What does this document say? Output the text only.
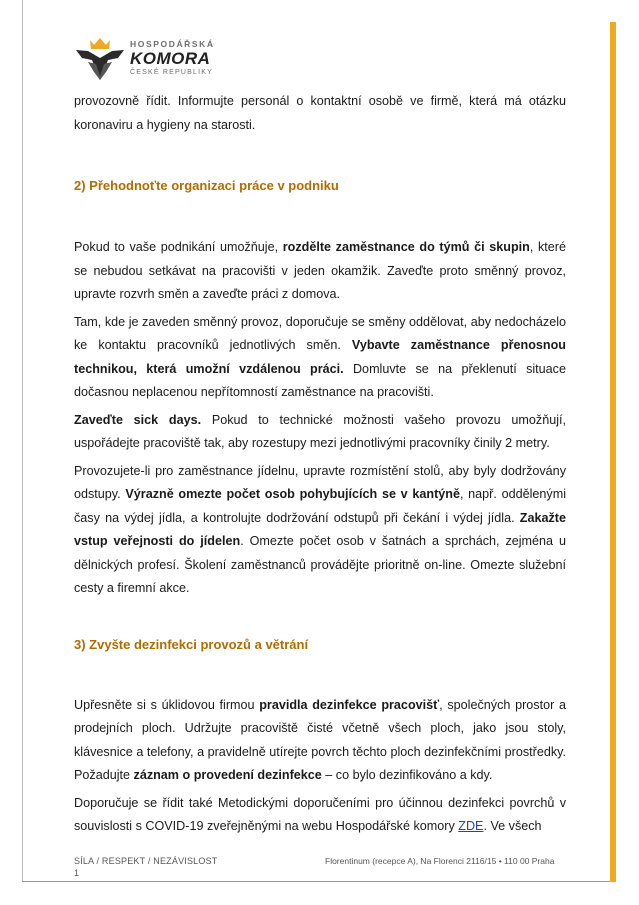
HOSPODÁŘSKÁ
KOMORA
ČESKÉ REPUBLIKY

provozovně řídit. Informujte personál o kontaktní osobě ve firmě, která má otázku koronaviru a hygieny na starosti.

2) Přehodnoťte organizaci práce v podniku

Pokud to vaše podnikání umožňuje, rozdělte zaměstnance do týmů či skupin, které se nebudou setkávat na pracovišti v jeden okamžik. Zaveďte proto směnný provoz, upravte rozvrh směn a zaveďte práci z domova.

Tam, kde je zaveden směnný provoz, doporučuje se směny oddělovat, aby nedocházelo ke kontaktu pracovníků jednotlivých směn. Vybavte zaměstnance přenosnou technikou, která umožní vzdálenou práci. Domluvte se na překlenutí situace dočasnou neplacenou nepřítomností zaměstnance na pracovišti.

Zaveďte sick days. Pokud to technické možnosti vašeho provozu umožňují, uspořádejte pracoviště tak, aby rozestupy mezi jednotlivými pracovníky činily 2 metry.

Provozujete-li pro zaměstnance jídelnu, upravte rozmístění stolů, aby byly dodržovány odstupy. Výrazně omezte počet osob pohybujících se v kantýně, např. oddělenými časy na výdej jídla, a kontrolujte dodržování odstupů při čekání i výdej jídla. Zakažte vstup veřejnosti do jídelen. Omezte počet osob v šatnách a sprchách, zejména u dělnických profesí. Školení zaměstnanců provádějte prioritně on-line. Omezte služební cesty a firemní akce.

3) Zvyšte dezinfekci provozů a větrání

Upřesněte si s úklidovou firmou pravidla dezinfekce pracovišť, společných prostor a prodejních ploch. Udržujte pracoviště čisté včetně všech ploch, jako jsou stoly, klávesnice a telefony, a pravidelně utírejte povrch těchto ploch dezinfekčními prostředky. Požadujte záznam o provedení dezinfekce – co bylo dezinfikováno a kdy.

Doporučuje se řídit také Metodickými doporučeními pro účinnou dezinfekci povrchů v souvislosti s COVID-19 zveřejněnými na webu Hospodářské komory ZDE. Ve všech

SÍLA / RESPEKT / NEZÁVISLOST
1
Florentinum (recepce A), Na Florenci 2116/15 • 110 00 Praha
